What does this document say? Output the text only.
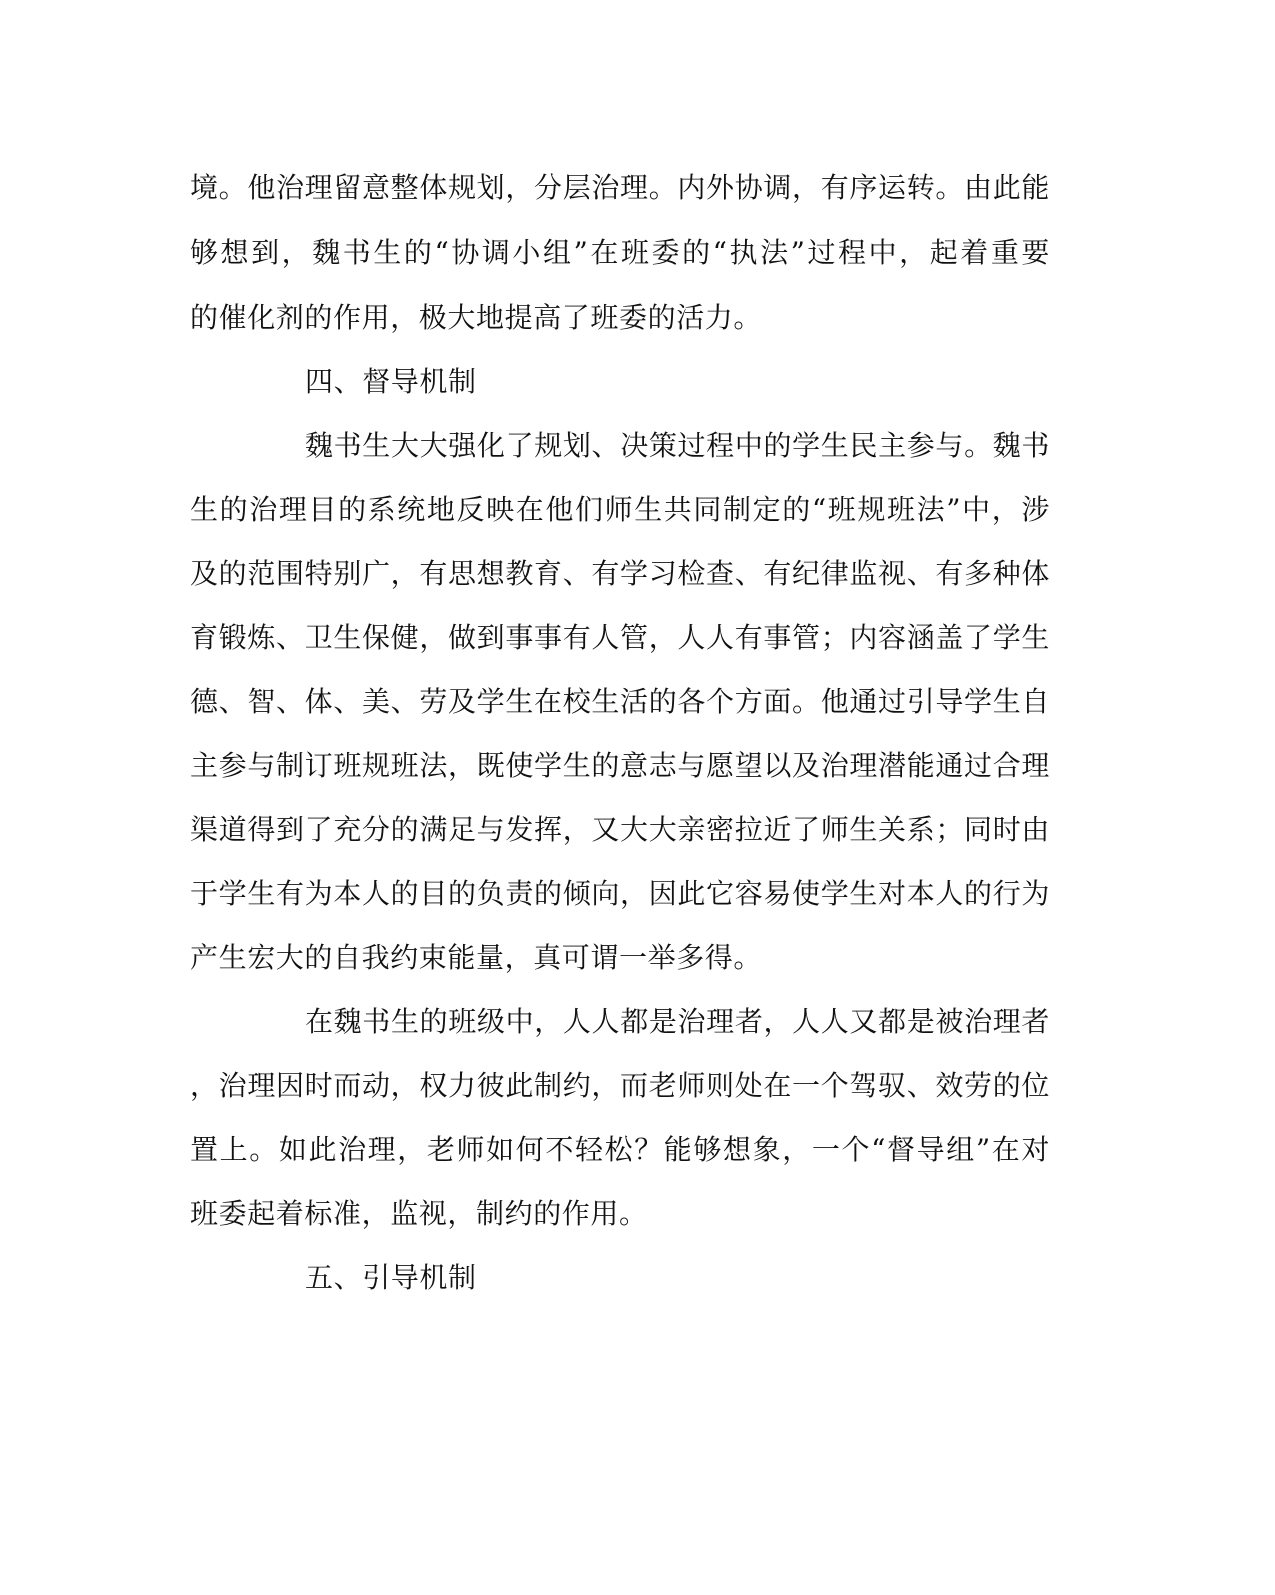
境。他治理留意整体规划，分层治理。内外协调，有序运转。由此能
够想到，魏书生的“协调小组”在班委的“执法”过程中，起着重要
的催化剂的作用，极大地提高了班委的活力。
四、督导机制
魏书生大大强化了规划、决策过程中的学生民主参与。魏书
生的治理目的系统地反映在他们师生共同制定的“班规班法”中，涉
及的范围特别广，有思想教育、有学习检查、有纪律监视、有多种体
育锻炼、卫生保健，做到事事有人管，人人有事管；内容涵盖了学生
德、智、体、美、劳及学生在校生活的各个方面。他通过引导学生自
主参与制订班规班法，既使学生的意志与愿望以及治理潜能通过合理
渠道得到了充分的满足与发挥，又大大亲密拉近了师生关系；同时由
于学生有为本人的目的负责的倾向，因此它容易使学生对本人的行为
产生宏大的自我约束能量，真可谓一举多得。
在魏书生的班级中，人人都是治理者，人人又都是被治理者
，治理因时而动，权力彼此制约，而老师则处在一个驾驭、效劳的位
置上。如此治理，老师如何不轻松？能够想象，一个“督导组”在对
班委起着标准，监视，制约的作用。
五、引导机制
